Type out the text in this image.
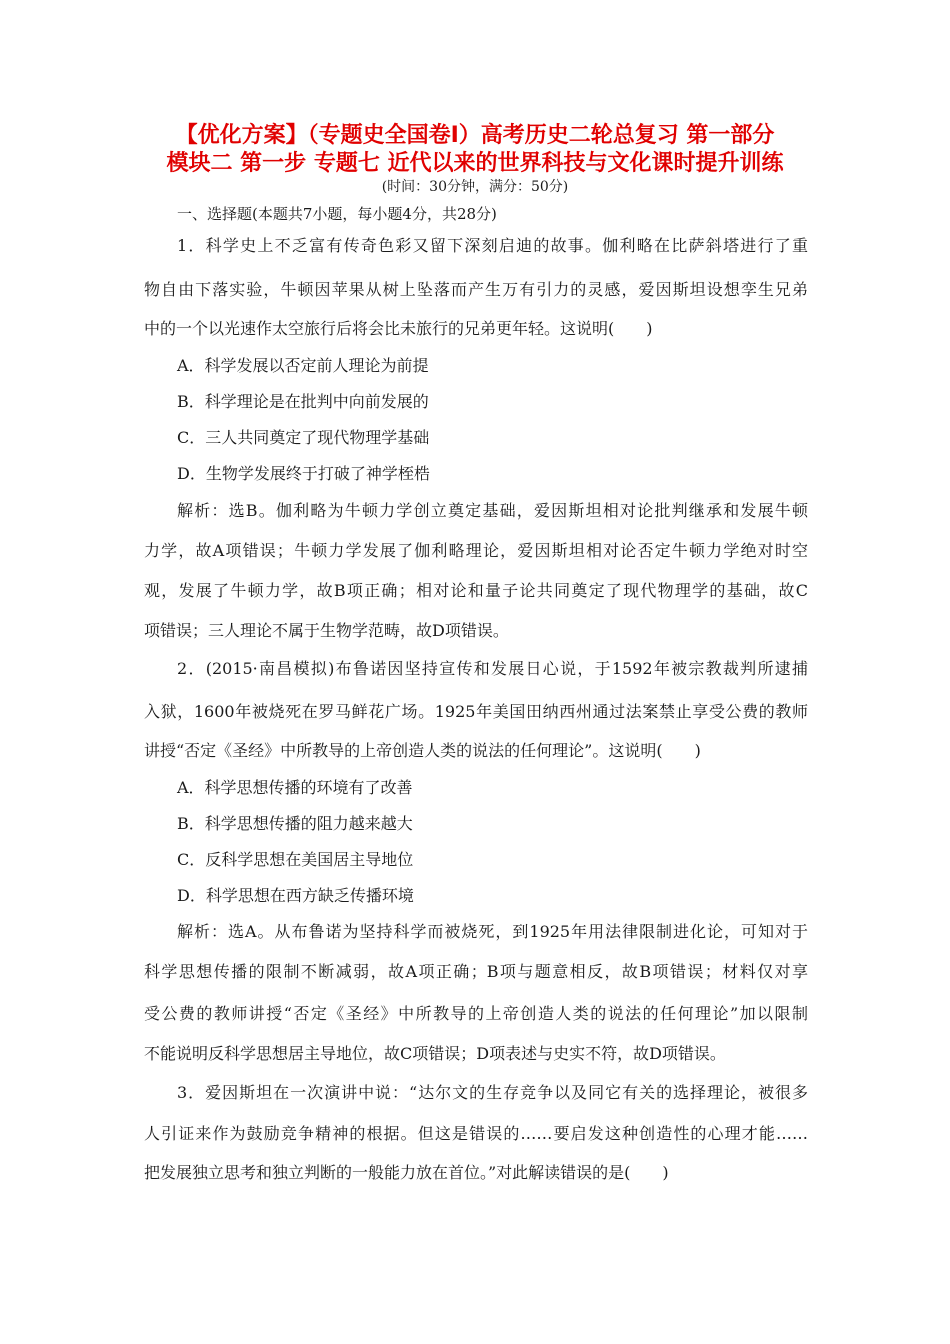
【优化方案】（专题史全国卷Ⅰ）高考历史二轮总复习 第一部分
模块二 第一步 专题七 近代以来的世界科技与文化课时提升训练
(时间：30分钟，满分：50分)
一、选择题(本题共7小题，每小题4分，共28分)
1．科学史上不乏富有传奇色彩又留下深刻启迪的故事。伽利略在比萨斜塔进行了重
物自由下落实验，牛顿因苹果从树上坠落而产生万有引力的灵感，爱因斯坦设想孪生兄弟
中的一个以光速作太空旅行后将会比未旅行的兄弟更年轻。这说明(　　)
A．科学发展以否定前人理论为前提
B．科学理论是在批判中向前发展的
C．三人共同奠定了现代物理学基础
D．生物学发展终于打破了神学桎梏
解析：选B。伽利略为牛顿力学创立奠定基础，爱因斯坦相对论批判继承和发展牛顿
力学，故A项错误；牛顿力学发展了伽利略理论，爱因斯坦相对论否定牛顿力学绝对时空
观，发展了牛顿力学，故B项正确；相对论和量子论共同奠定了现代物理学的基础，故C
项错误；三人理论不属于生物学范畴，故D项错误。
2．(2015·南昌模拟)布鲁诺因坚持宣传和发展日心说，于1592年被宗教裁判所逮捕
入狱，1600年被烧死在罗马鲜花广场。1925年美国田纳西州通过法案禁止享受公费的教师
讲授“否定《圣经》中所教导的上帝创造人类的说法的任何理论”。这说明(　　)
A．科学思想传播的环境有了改善
B．科学思想传播的阻力越来越大
C．反科学思想在美国居主导地位
D．科学思想在西方缺乏传播环境
解析：选A。从布鲁诺为坚持科学而被烧死，到1925年用法律限制进化论，可知对于
科学思想传播的限制不断减弱，故A项正确；B项与题意相反，故B项错误；材料仅对享
受公费的教师讲授“否定《圣经》中所教导的上帝创造人类的说法的任何理论”加以限制
不能说明反科学思想居主导地位，故C项错误；D项表述与史实不符，故D项错误。
3．爱因斯坦在一次演讲中说：“达尔文的生存竞争以及同它有关的选择理论，被很多
人引证来作为鼓励竞争精神的根据。但这是错误的……要启发这种创造性的心理才能……
把发展独立思考和独立判断的一般能力放在首位。”对此解读错误的是(　　)
